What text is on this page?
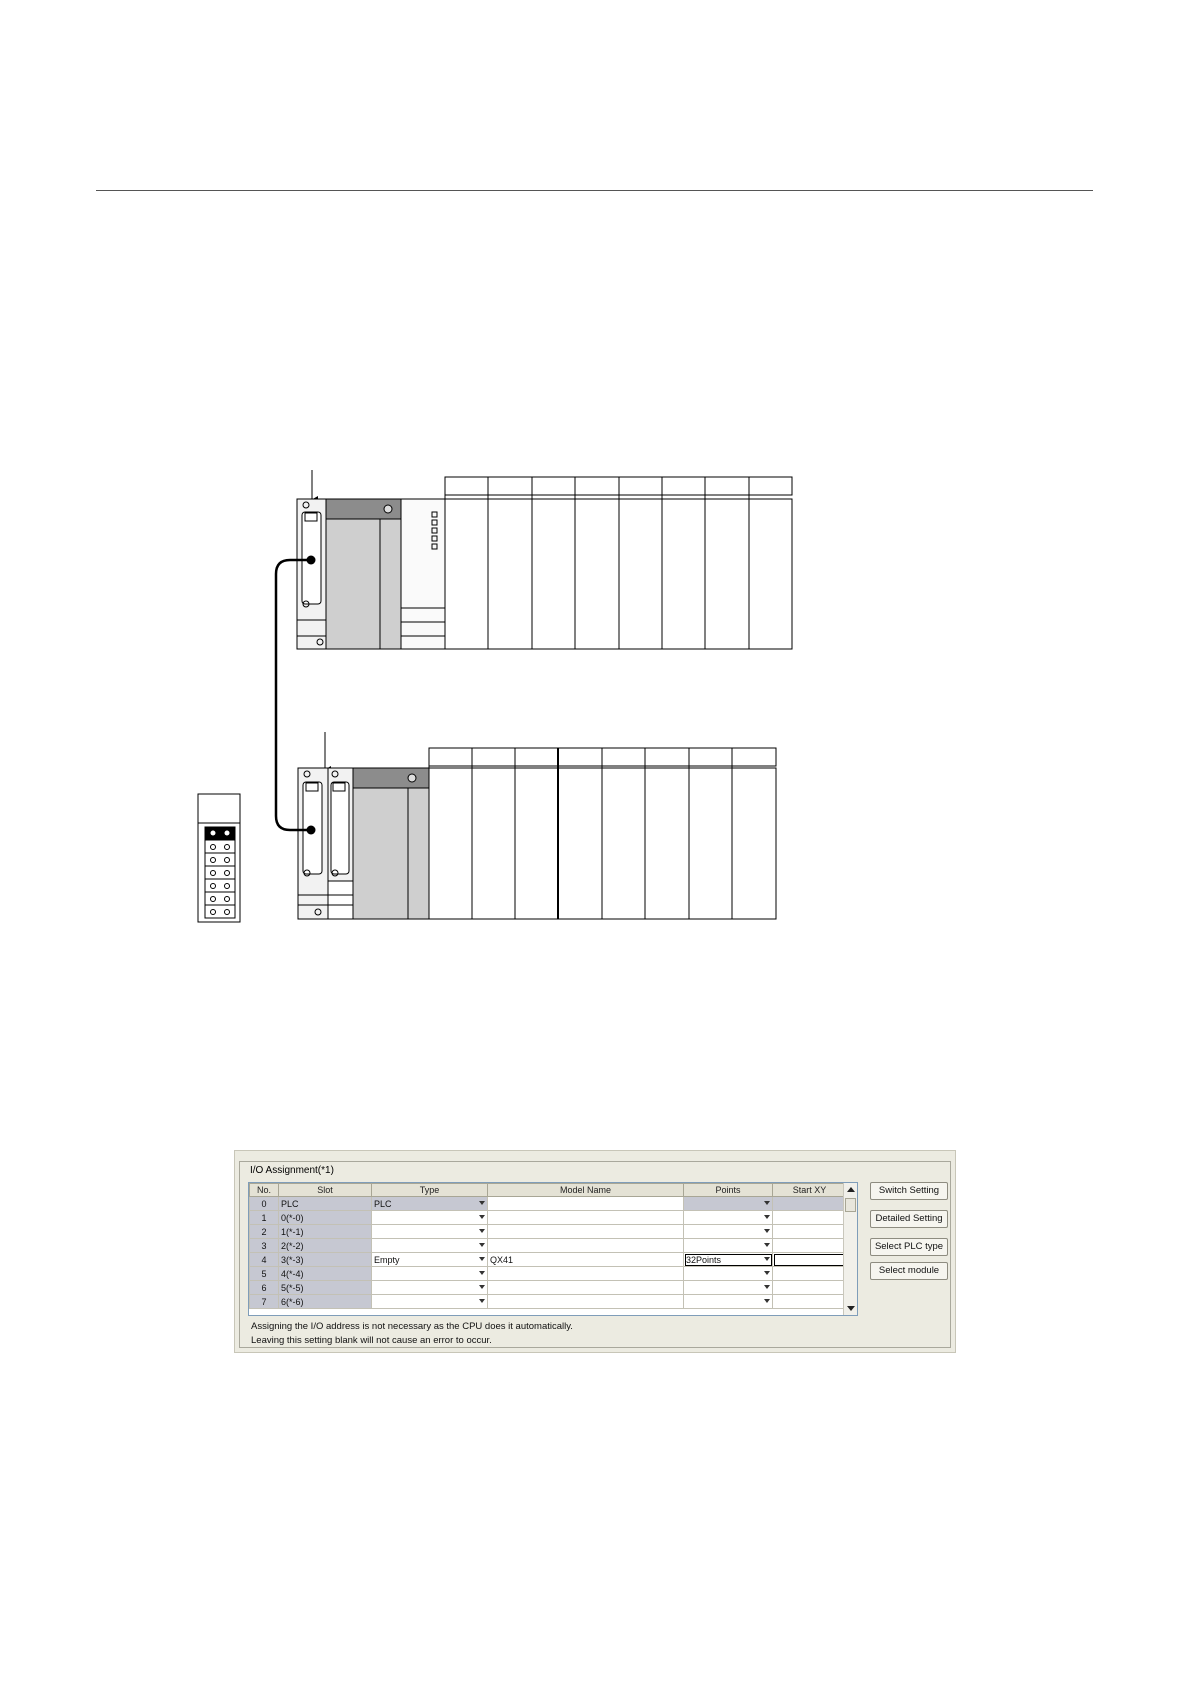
I/O Assignment(*1)
No.	Slot	Type	Model Name	Points	Start XY
0	PLC	PLC

1	0(*-0)	

2	1(*-1)	

3	2(*-2)	

4	3(*-3)	Empty	QX41	32Points

5	4(*-4)	

6	5(*-5)	

7	6(*-6)	

Switch Setting
Detailed Setting
Select PLC type
Select module
Assigning the I/O address is not necessary as the CPU does it automatically.
Leaving this setting blank will not cause an error to occur.
